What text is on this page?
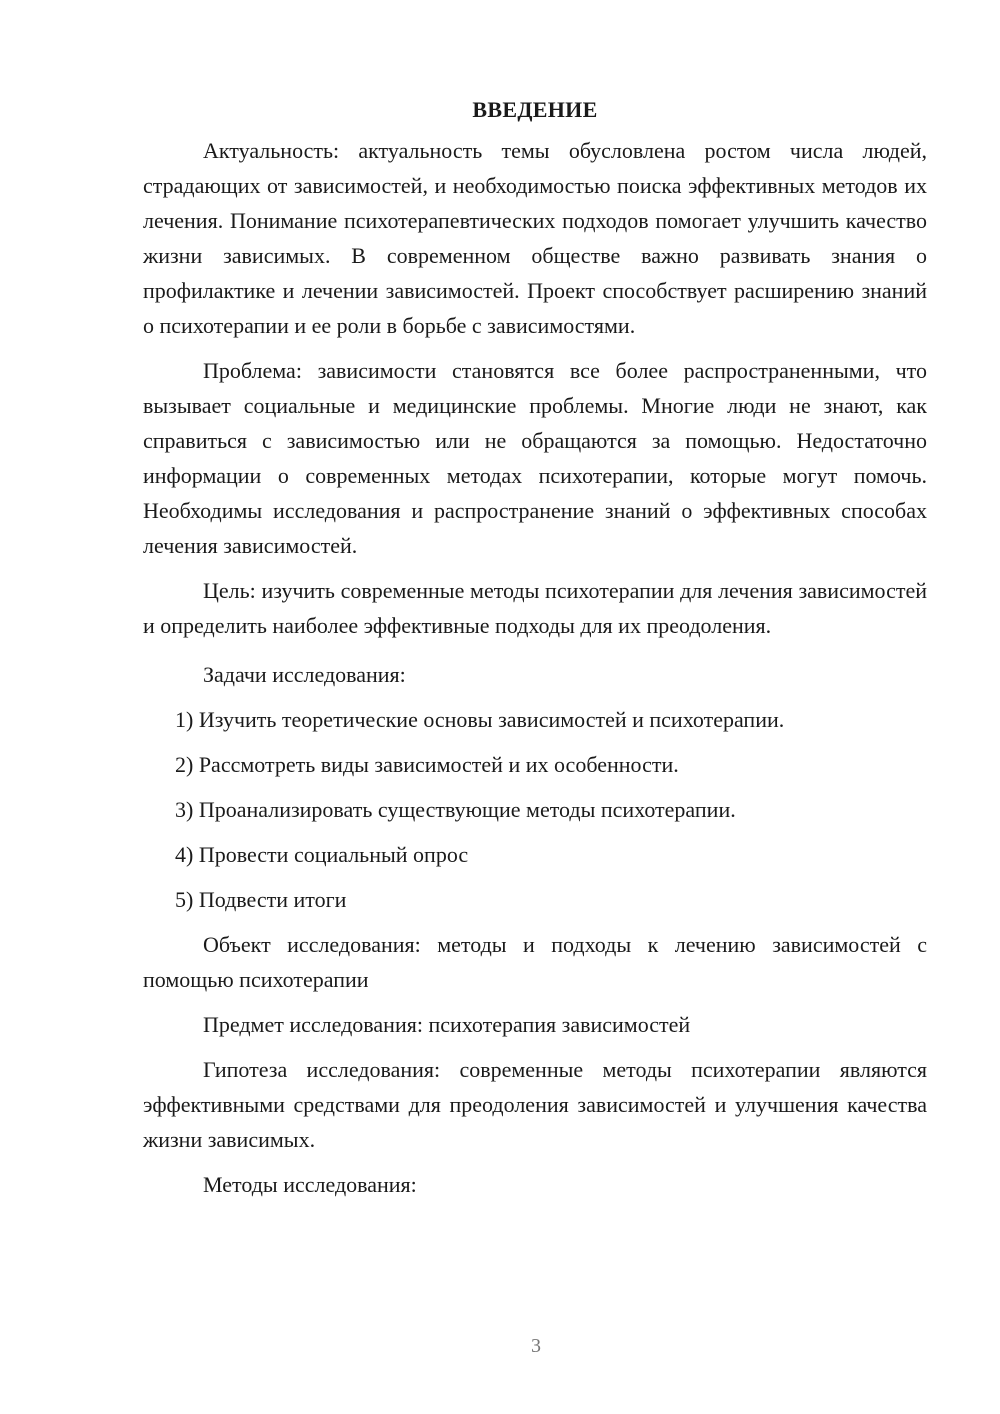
ВВЕДЕНИЕ

Актуальность: актуальность темы обусловлена ростом числа людей, страдающих от зависимостей, и необходимостью поиска эффективных методов их лечения. Понимание психотерапевтических подходов помогает улучшить качество жизни зависимых. В современном обществе важно развивать знания о профилактике и лечении зависимостей. Проект способствует расширению знаний о психотерапии и ее роли в борьбе с зависимостями.

Проблема: зависимости становятся все более распространенными, что вызывает социальные и медицинские проблемы. Многие люди не знают, как справиться с зависимостью или не обращаются за помощью. Недостаточно информации о современных методах психотерапии, которые могут помочь. Необходимы исследования и распространение знаний о эффективных способах лечения зависимостей.

Цель: изучить современные методы психотерапии для лечения зависимостей и определить наиболее эффективные подходы для их преодоления.

Задачи исследования:

1) Изучить теоретические основы зависимостей и психотерапии.
2) Рассмотреть виды зависимостей и их особенности.
3) Проанализировать существующие методы психотерапии.
4) Провести социальный опрос
5) Подвести итоги

Объект исследования: методы и подходы к лечению зависимостей с помощью психотерапии

Предмет исследования: психотерапия зависимостей

Гипотеза исследования: современные методы психотерапии являются эффективными средствами для преодоления зависимостей и улучшения качества жизни зависимых.

Методы исследования:

3
